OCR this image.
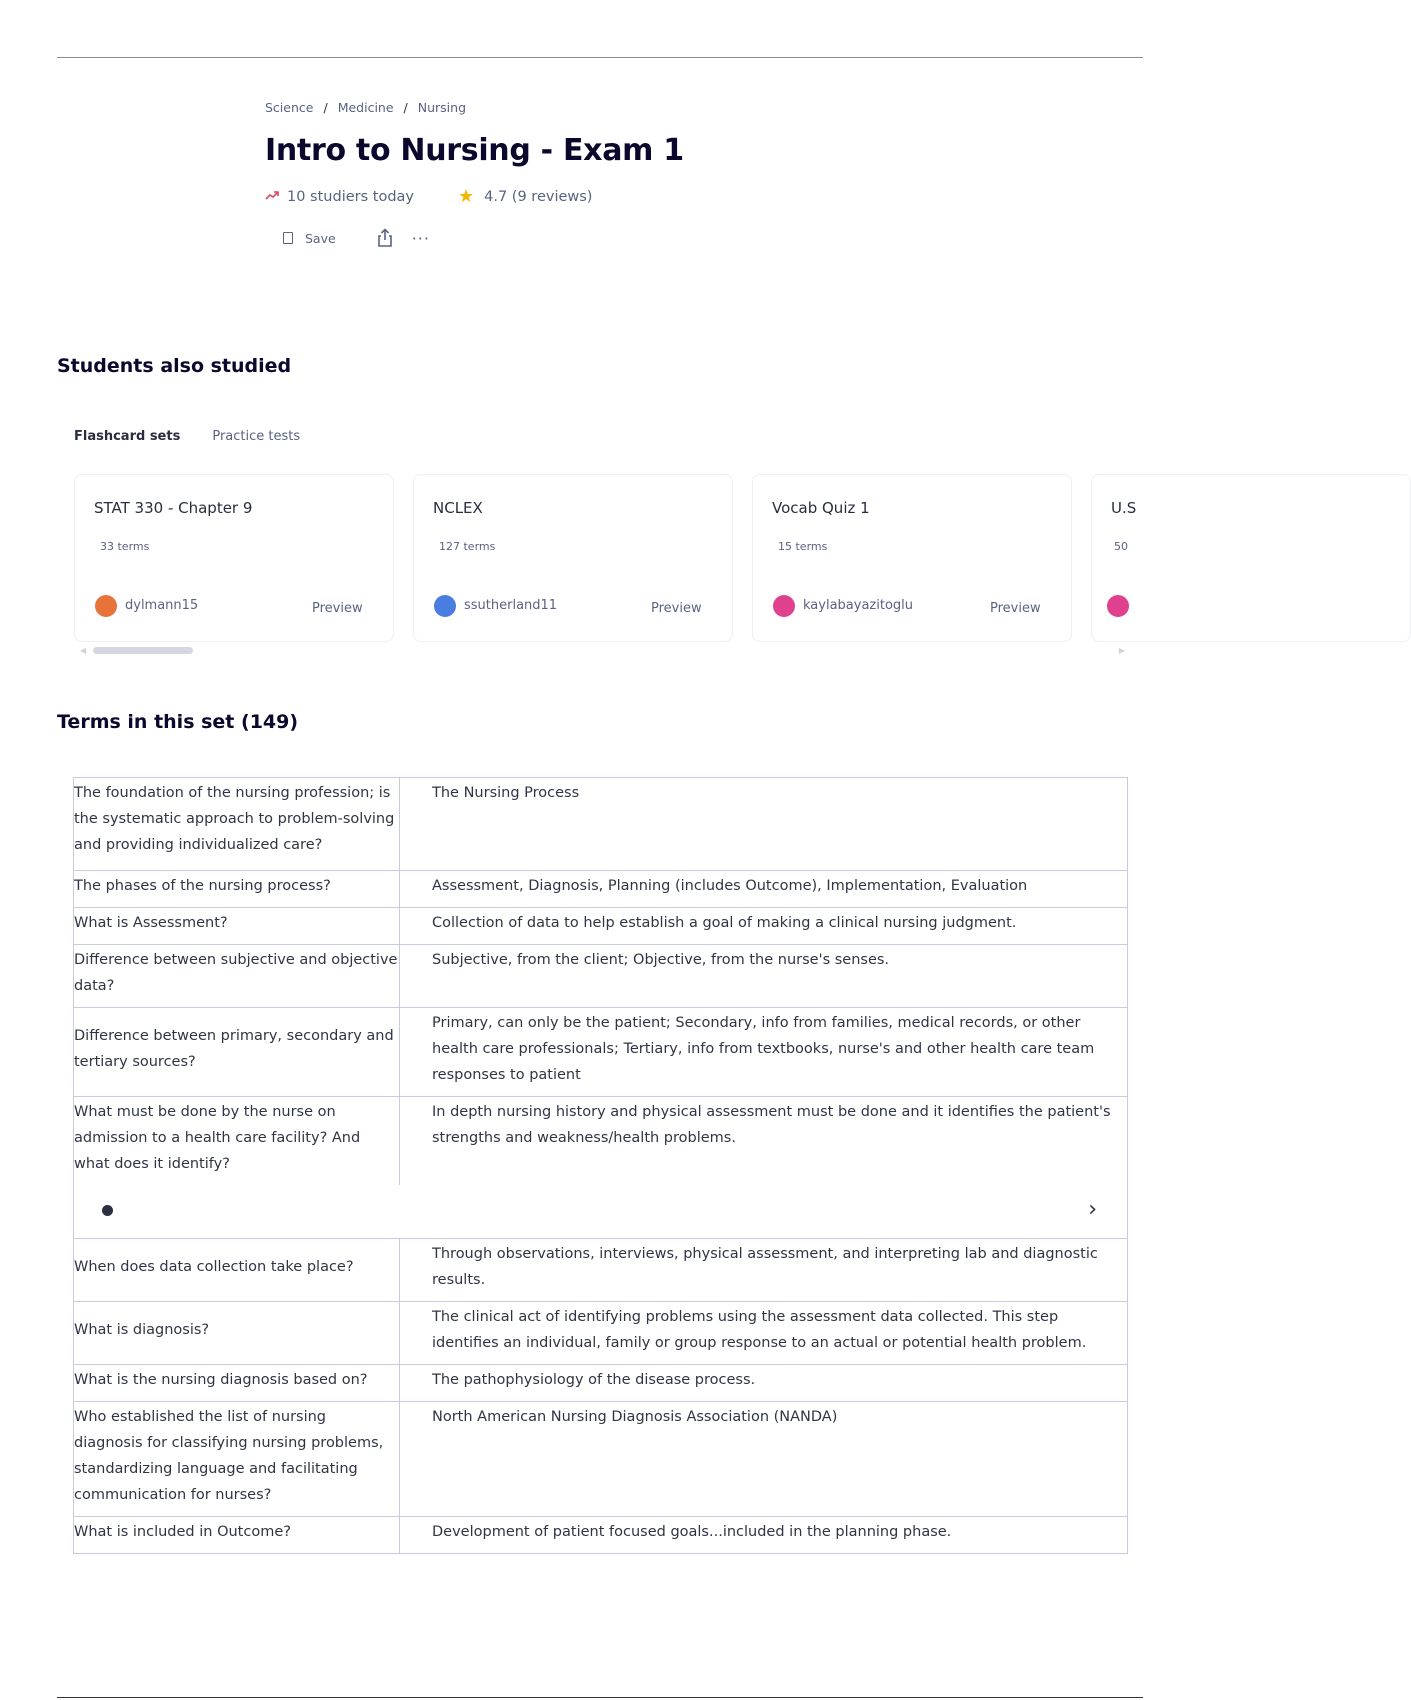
Science / Medicine / Nursing
Intro to Nursing - Exam 1
10 studiers today ★ 4.7 (9 reviews)
Save	···
Students also studied
Flashcard sets Practice tests
STAT 330 - Chapter 9
33 terms
dylmann15	Preview
NCLEX
127 terms
ssutherland11	Preview
Vocab Quiz 1
15 terms
kaylabayazitoglu	Preview
U.S
50
◀	▶
Terms in this set (149)
The foundation of the nursing profession; is the systematic approach to problem-solving and providing individualized care?	The Nursing Process
The phases of the nursing process?	Assessment, Diagnosis, Planning (includes Outcome), Implementation, Evaluation
What is Assessment?	Collection of data to help establish a goal of making a clinical nursing judgment.
Difference between subjective and objective data?	Subjective, from the client; Objective, from the nurse's senses.
Difference between primary, secondary and tertiary sources?	Primary, can only be the patient; Secondary, info from families, medical records, or other health care professionals; Tertiary, info from textbooks, nurse's and other health care team responses to patient
What must be done by the nurse on admission to a health care facility? And what does it identify?	In depth nursing history and physical assessment must be done and it identifies the patient's strengths and weakness/health problems.

›	

When does data collection take place?	Through observations, interviews, physical assessment, and interpreting lab and diagnostic results.
What is diagnosis?	The clinical act of identifying problems using the assessment data collected. This step identifies an individual, family or group response to an actual or potential health problem.
What is the nursing diagnosis based on?	The pathophysiology of the disease process.
Who established the list of nursing diagnosis for classifying nursing problems, standardizing language and facilitating communication for nurses?	North American Nursing Diagnosis Association (NANDA)
What is included in Outcome?	Development of patient focused goals...included in the planning phase.
